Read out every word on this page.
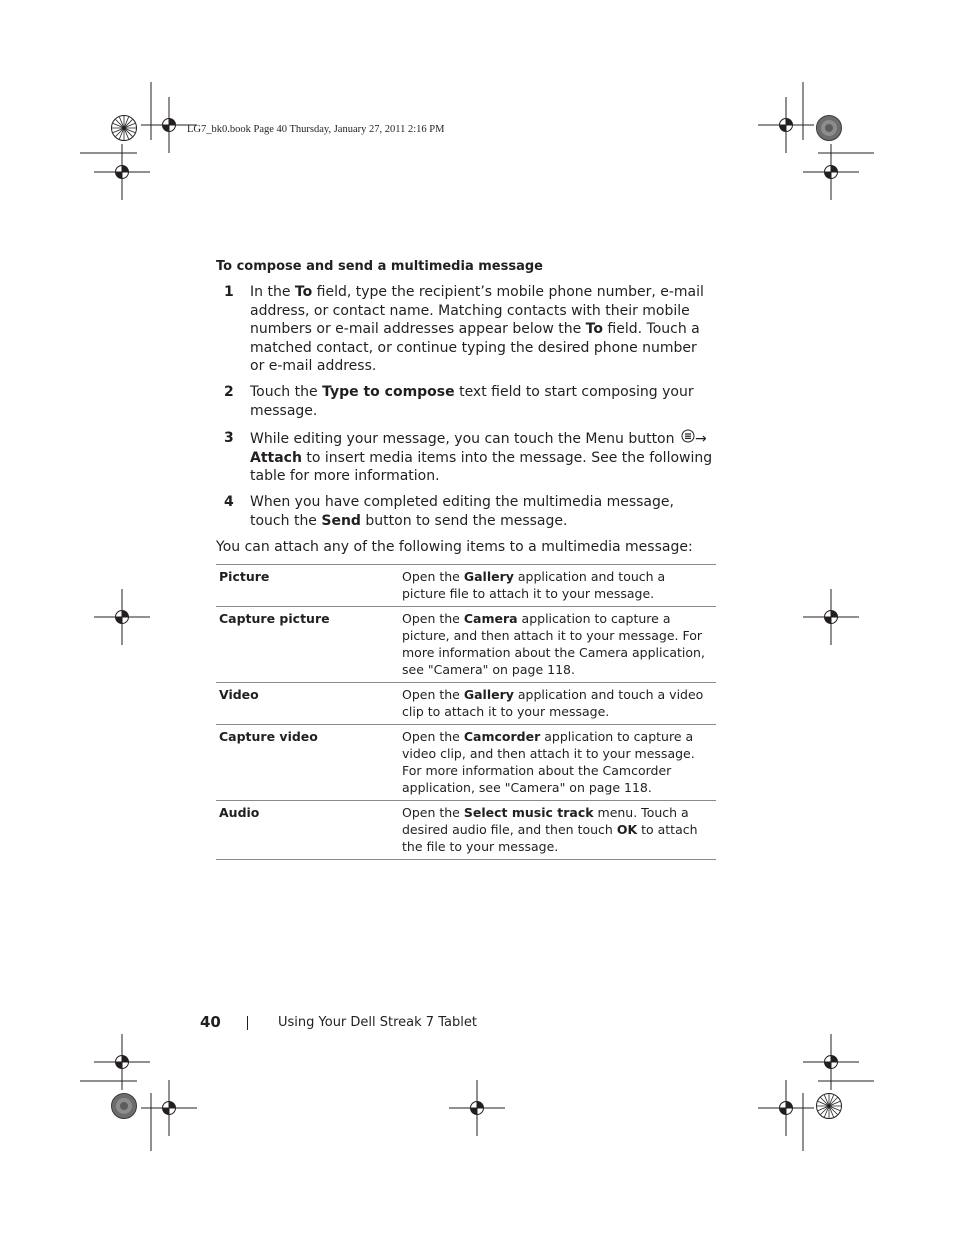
LG7_bk0.book Page 40 Thursday, January 27, 2011 2:16 PM
To compose and send a multimedia message
1 In the To field, type the recipient’s mobile phone number, e-mail address, or contact name. Matching contacts with their mobile numbers or e-mail addresses appear below the To field. Touch a matched contact, or continue typing the desired phone number or e-mail address.
2 Touch the Type to compose text field to start composing your message.
3 While editing your message, you can touch the Menu button →
Attach to insert media items into the message. See the following table for more information.
4 When you have completed editing the multimedia message, touch the Send button to send the message.
You can attach any of the following items to a multimedia message:
Picture	Open the Gallery application and touch a picture file to attach it to your message.
Capture picture	Open the Camera application to capture a picture, and then attach it to your message. For more information about the Camera application, see "Camera" on page 118.
Video	Open the Gallery application and touch a video clip to attach it to your message.
Capture video	Open the Camcorder application to capture a video clip, and then attach it to your message. For more information about the Camcorder application, see "Camera" on page 118.
Audio	Open the Select music track menu. Touch a desired audio file, and then touch OK to attach the file to your message.
40	Using Your Dell Streak 7 Tablet
